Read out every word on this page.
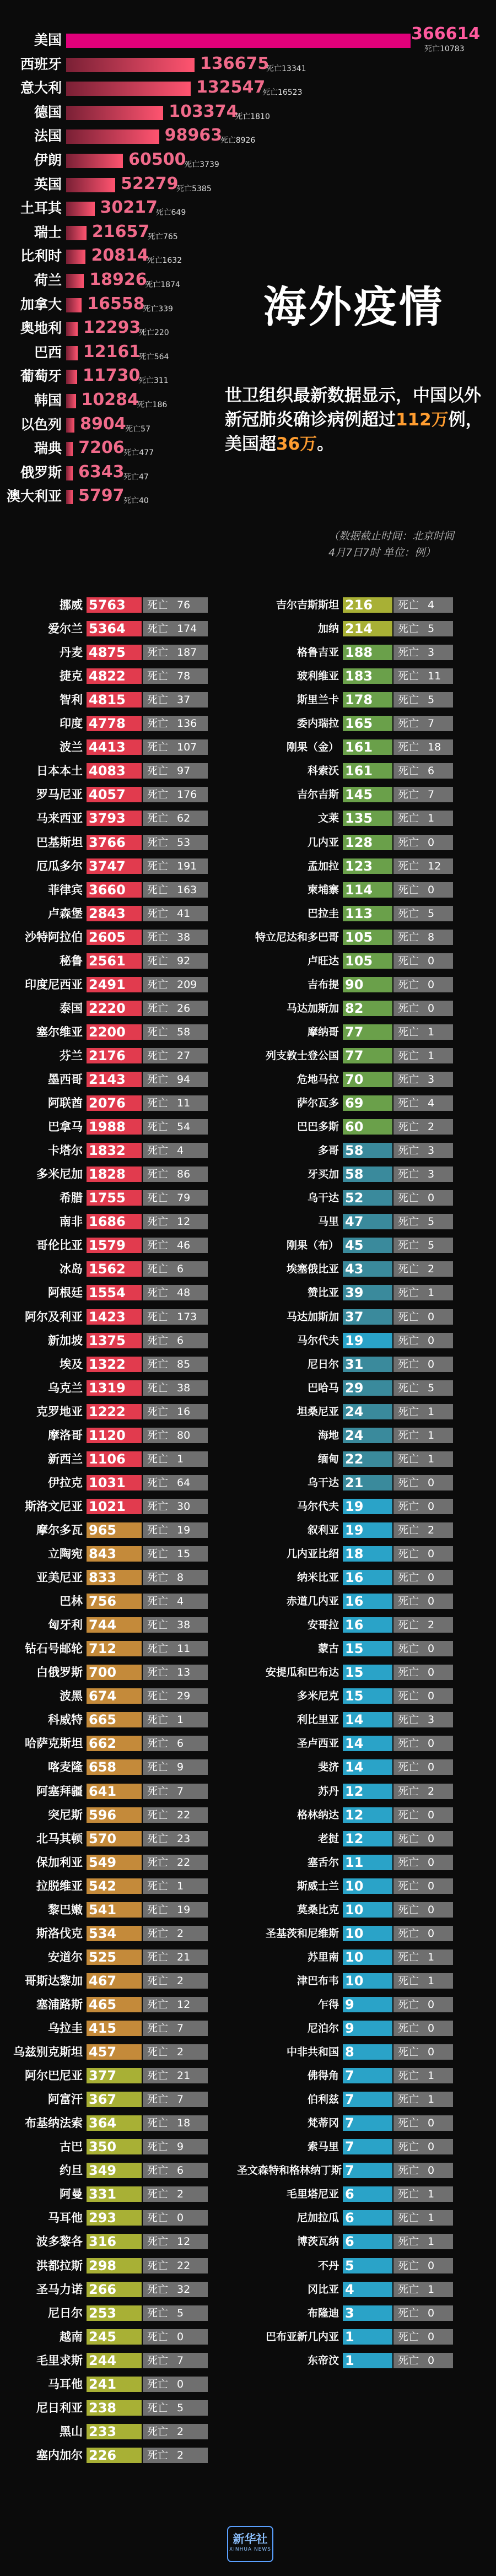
美国	366614
死亡10783
西班牙	136675
死亡13341
意大利	132547
死亡16523
德国	103374
死亡1810
法国	98963
死亡8926
伊朗	60500
死亡3739
英国	52279
死亡5385
土耳其 30217
死亡649
瑞士 21657
死亡765
比利时 20814
死亡1632
荷兰 18926
死亡1874
加拿大 16558
死亡339
奥地利 12293
死亡220
巴西 12161
死亡564
葡萄牙 11730
死亡311
韩国 10284
死亡186
以色列 8904
死亡57
瑞典 7206
死亡477
俄罗斯 6343
死亡47
澳大利亚 5797
死亡40
海外疫情
世卫组织最新数据显示，中国以外新冠肺炎确诊病例超过112万例，美国超36万。
（数据截止时间：北京时间
4月7日7时 单位：例）
挪威 5763	死亡 76
爱尔兰 5364	死亡 174
丹麦 4875	死亡 187
捷克 4822	死亡 78
智利 4815	死亡 37
印度 4778	死亡 136
波兰 4413	死亡 107
日本本土 4083	死亡 97
罗马尼亚 4057	死亡 176
马来西亚 3793	死亡 62
巴基斯坦 3766	死亡 53
厄瓜多尔 3747	死亡 191
菲律宾 3660	死亡 163
卢森堡 2843	死亡 41
沙特阿拉伯 2605	死亡 38
秘鲁 2561	死亡 92
印度尼西亚 2491	死亡 209
泰国 2220	死亡 26
塞尔维亚 2200	死亡 58
芬兰 2176	死亡 27
墨西哥 2143	死亡 94
阿联酋 2076	死亡 11
巴拿马 1988	死亡 54
卡塔尔 1832	死亡 4
多米尼加 1828	死亡 86
希腊 1755	死亡 79
南非 1686	死亡 12
哥伦比亚 1579	死亡 46
冰岛 1562	死亡 6
阿根廷 1554	死亡 48
阿尔及利亚 1423	死亡 173
新加坡 1375	死亡 6
埃及 1322	死亡 85
乌克兰 1319	死亡 38
克罗地亚 1222	死亡 16
摩洛哥 1120	死亡 80
新西兰 1106	死亡 1
伊拉克 1031	死亡 64
斯洛文尼亚 1021	死亡 30
摩尔多瓦 965	死亡 19
立陶宛 843	死亡 15
亚美尼亚 833	死亡 8
巴林 756	死亡 4
匈牙利 744	死亡 38
钻石号邮轮 712	死亡 11
白俄罗斯 700	死亡 13
波黑 674	死亡 29
科威特 665	死亡 1
哈萨克斯坦 662	死亡 6
喀麦隆 658	死亡 9
阿塞拜疆 641	死亡 7
突尼斯 596	死亡 22
北马其顿 570	死亡 23
保加利亚 549	死亡 22
拉脱维亚 542	死亡 1
黎巴嫩 541	死亡 19
斯洛伐克 534	死亡 2
安道尔 525	死亡 21
哥斯达黎加 467	死亡 2
塞浦路斯 465	死亡 12
乌拉圭 415	死亡 7
乌兹别克斯坦 457	死亡 2
阿尔巴尼亚 377	死亡 21
阿富汗 367	死亡 7
布基纳法索 364	死亡 18
古巴 350	死亡 9
约旦 349	死亡 6
阿曼 331	死亡 2
马耳他 293	死亡 0
波多黎各 316	死亡 12
洪都拉斯 298	死亡 22
圣马力诺 266	死亡 32
尼日尔 253	死亡 5
越南 245	死亡 0
毛里求斯 244	死亡 7
马耳他 241	死亡 0
尼日利亚 238	死亡 5
黑山 233	死亡 2
塞内加尔 226	死亡 2
吉尔吉斯斯坦 216	死亡 4
加纳 214	死亡 5
格鲁吉亚 188	死亡 3
玻利维亚 183	死亡 11
斯里兰卡 178	死亡 5
委内瑞拉 165	死亡 7
刚果（金） 161	死亡 18
科索沃 161	死亡 6
吉尔吉斯 145	死亡 7
文莱 135	死亡 1
几内亚 128	死亡 0
孟加拉 123	死亡 12
柬埔寨 114	死亡 0
巴拉圭 113	死亡 5
特立尼达和多巴哥 105	死亡 8
卢旺达 105	死亡 0
吉布提 90	死亡 0
马达加斯加 82	死亡 0
摩纳哥 77	死亡 1
列支敦士登公国 77	死亡 1
危地马拉 70	死亡 3
萨尔瓦多 69	死亡 4
巴巴多斯 60	死亡 2
多哥 58	死亡 3
牙买加 58	死亡 3
乌干达 52	死亡 0
马里 47	死亡 5
刚果（布） 45	死亡 5
埃塞俄比亚 43	死亡 2
赞比亚 39	死亡 1
马达加斯加 37	死亡 0
马尔代夫 19	死亡 0
尼日尔 31	死亡 0
巴哈马 29	死亡 5
坦桑尼亚 24	死亡 1
海地 24	死亡 1
缅甸 22	死亡 1
乌干达 21	死亡 0
马尔代夫 19	死亡 0
叙利亚 19	死亡 2
几内亚比绍 18	死亡 0
纳米比亚 16	死亡 0
赤道几内亚 16	死亡 0
安哥拉 16	死亡 2
蒙古 15	死亡 0
安提瓜和巴布达 15	死亡 0
多米尼克 15	死亡 0
利比里亚 14	死亡 3
圣卢西亚 14	死亡 0
斐济 14	死亡 0
苏丹 12	死亡 2
格林纳达 12	死亡 0
老挝 12	死亡 0
塞舌尔 11	死亡 0
斯威士兰 10	死亡 0
莫桑比克 10	死亡 0
圣基茨和尼维斯 10	死亡 0
苏里南 10	死亡 1
津巴布韦 10	死亡 1
乍得 9	死亡 0
尼泊尔 9	死亡 0
中非共和国 8	死亡 0
佛得角 7	死亡 1
伯利兹 7	死亡 1
梵蒂冈 7	死亡 0
索马里 7	死亡 0
圣文森特和格林纳丁斯 7	死亡 0
毛里塔尼亚 6	死亡 1
尼加拉瓜 6	死亡 1
博茨瓦纳 6	死亡 1
不丹 5	死亡 0
冈比亚 4	死亡 1
布隆迪 3	死亡 0
巴布亚新几内亚 1	死亡 0
东帝汶 1	死亡 0
新华社
XINHUA NEWS
